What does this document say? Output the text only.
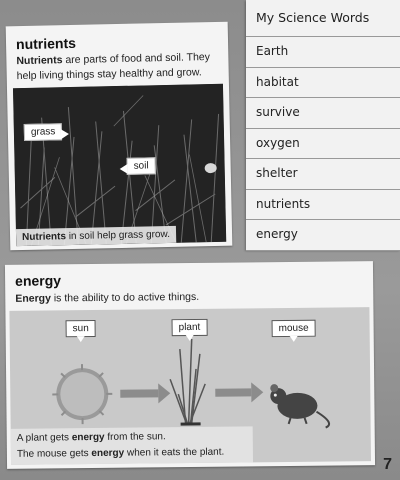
nutrients
Nutrients are parts of food and soil. They help living things stay healthy and grow.
grass
soil
Nutrients in soil help grass grow.
My Science Words
Earth
habitat
survive
oxygen
shelter
nutrients
energy
energy
Energy is the ability to do active things.
sun	plant	mouse
A plant gets energy from the sun.
The mouse gets energy when it eats the plant.
7
